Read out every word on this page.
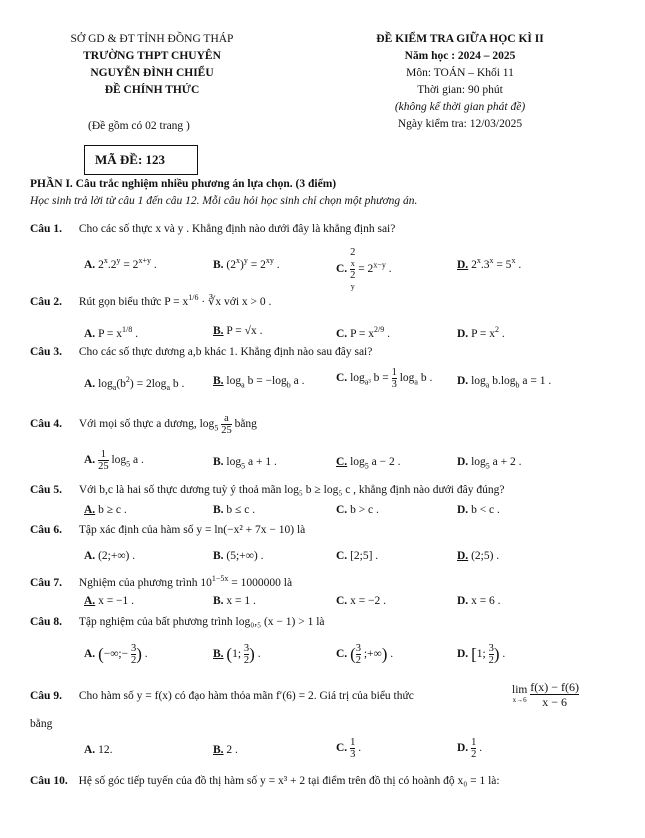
SỞ GD & ĐT TỈNH ĐỒNG THÁP
TRƯỜNG THPT CHUYÊN
NGUYỄN ĐÌNH CHIỂU
ĐỀ CHÍNH THỨC
(Đề gồm có 02 trang )
MÃ ĐỀ: 123
ĐỀ KIỂM TRA GIỮA HỌC KÌ II
Năm học : 2024 – 2025
Môn: TOÁN – Khối 11
Thời gian: 90 phút
(không kể thời gian phát đề)
Ngày kiểm tra: 12/03/2025
PHẦN I. Câu trắc nghiệm nhiều phương án lựa chọn. (3 điểm)
Học sinh trả lời từ câu 1 đến câu 12. Mỗi câu hỏi học sinh chỉ chọn một phương án.
Câu 1. Cho các số thực x và y . Khẳng định nào dưới đây là khẳng định sai?
A. $2^x.2^y = 2^{x+y}$ .	B. $(2^x)^y = 2^{xy}$ .	C. 2
x
2
$y = 2^{x-y}$ .	D. $2^x.3^x = 5^x$ .
Câu 2. Rút gọn biểu thức $P = x^{1/6}$ · ∛x với x > 0 .
A. $P = x^{1/8}$ .	B. P = √x .	C. $P = x^{2/9}$ .	D. $P = x^2$ .
Câu 3. Cho các số thực dương a,b khác 1. Khẳng định nào sau đây sai?
A. $\log_a(b^2) = 2\log_a$ b . B. $\log_a b = -\log_b$ a .	C. $\log_{a^3} b = \frac{1}{3} \log_a b$ . D. $\log_a b.\log_b$ a = 1 .
Câu 4. Với mọi số thực a dương, $\log_5 \frac{a}{25}$ bằng
A. $\frac{1}{25} \log_5 a$ .	B. $\log_5 a + 1$ .	C. $\log_5 a - 2$ .	D. $\log_5 a + 2$ .
Câu 5. Với b,c là hai số thực dương tuỳ ý thoả mãn log₅ b ≥ log₅ c , khẳng định nào dưới đây đúng?
A. b ≥ c .	B. b ≤ c .	C. b > c .	D. b < c .
Câu 6. Tập xác định của hàm số y = ln(−x² + 7x − 10) là
A. (2;+∞) .	B. (5;+∞) .	C. [2;5] .	D. (2;5) .
Câu 7. Nghiệm của phương trình $10^{1-5x} = 1000000$ là
A. x = −1 .	B. x = 1 .	C. x = −2 .	D. x = 6 .
Câu 8. Tập nghiệm của bất phương trình log₀,₅ (x − 1) > 1 là
A. (−∞;− $\frac{3}{2}$ ) .	B. (1; $\frac{3}{2}$ ) .	C. ( $\frac{3}{2}$ ;+∞) .	D. [1; $\frac{3}{2}$ ) .
Câu 9. Cho hàm số y = f(x) có đạo hàm thỏa mãn f′(6) = 2. Giá trị của biểu thức
lim
x→6
$\frac{f(x) - f(6)}{x - 6}$
bằng
A. 12.	B. 2 .	C. $\frac{1}{3}$ .	D. $\frac{1}{2}$ .
Câu 10. Hệ số góc tiếp tuyến của đồ thị hàm số y = x³ + 2 tại điểm trên đồ thị có hoành độ x₀ = 1 là:
